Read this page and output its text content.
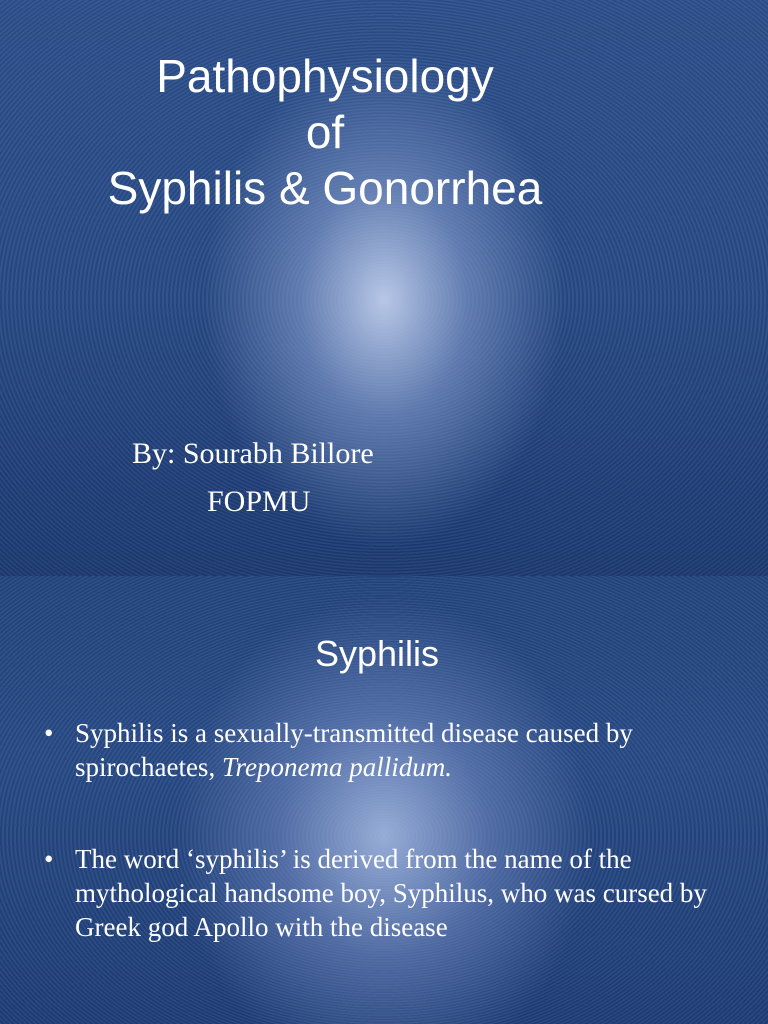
Pathophysiology
of
Syphilis & Gonorrhea
By: Sourabh Billore
FOPMU
Syphilis
• Syphilis is a sexually-transmitted disease caused by spirochaetes, Treponema pallidum.
• The word ‘syphilis’ is derived from the name of the mythological handsome boy, Syphilus, who was cursed by Greek god Apollo with the disease
